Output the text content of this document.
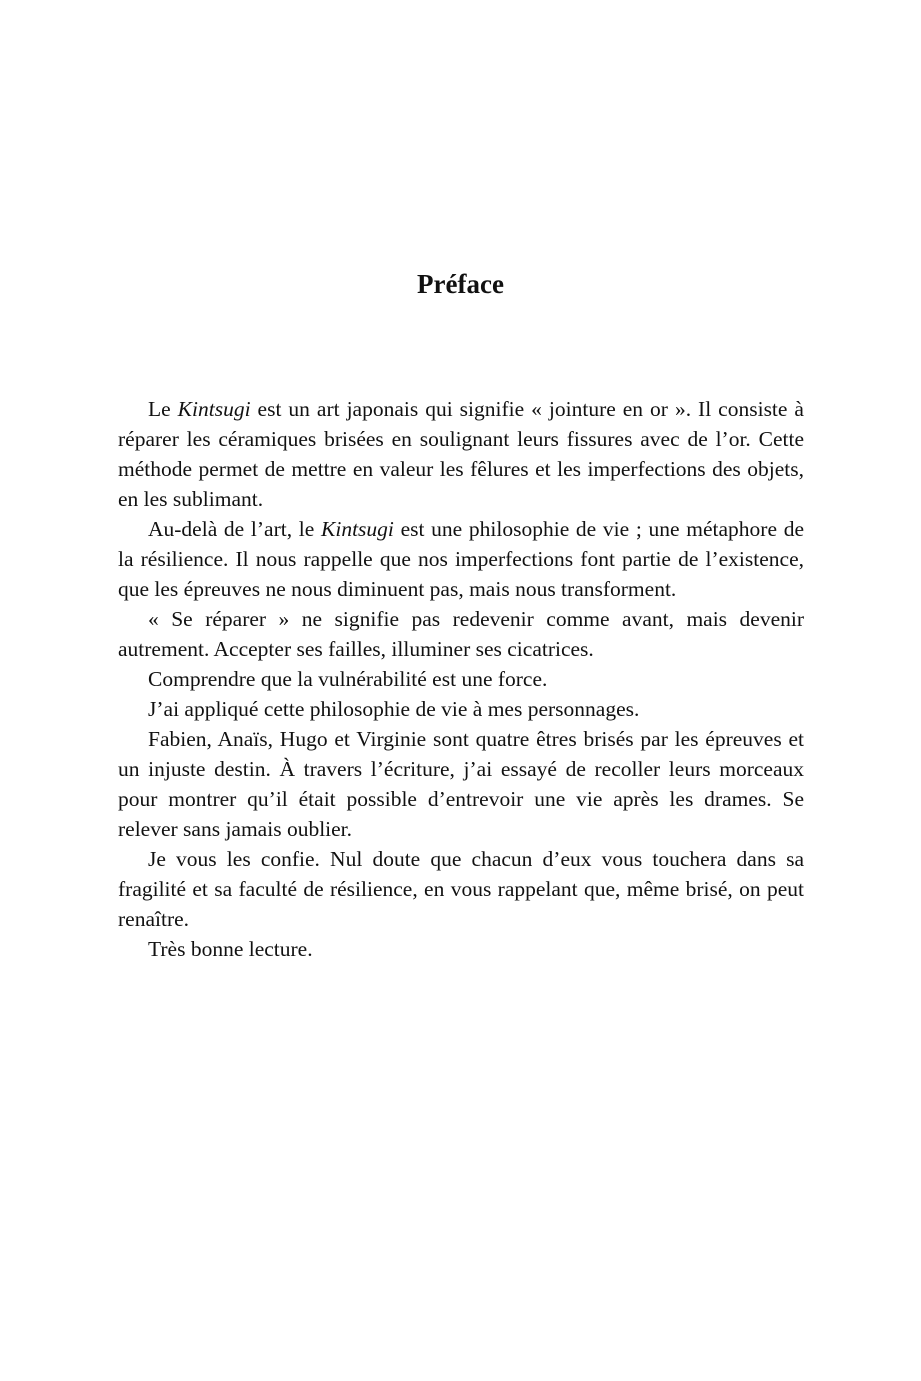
Préface

Le Kintsugi est un art japonais qui signifie « jointure en or ». Il consiste à réparer les céramiques brisées en soulignant leurs fissures avec de l’or. Cette méthode permet de mettre en valeur les fêlures et les imperfections des objets, en les sublimant.

Au-delà de l’art, le Kintsugi est une philosophie de vie ; une métaphore de la résilience. Il nous rappelle que nos imperfections font partie de l’existence, que les épreuves ne nous diminuent pas, mais nous transforment.

« Se réparer » ne signifie pas redevenir comme avant, mais devenir autrement. Accepter ses failles, illuminer ses cicatrices.

Comprendre que la vulnérabilité est une force.

J’ai appliqué cette philosophie de vie à mes personnages.

Fabien, Anaïs, Hugo et Virginie sont quatre êtres brisés par les épreuves et un injuste destin. À travers l’écriture, j’ai essayé de recoller leurs morceaux pour montrer qu’il était possible d’entrevoir une vie après les drames. Se relever sans jamais oublier.

Je vous les confie. Nul doute que chacun d’eux vous touchera dans sa fragilité et sa faculté de résilience, en vous rappelant que, même brisé, on peut renaître.

Très bonne lecture.
